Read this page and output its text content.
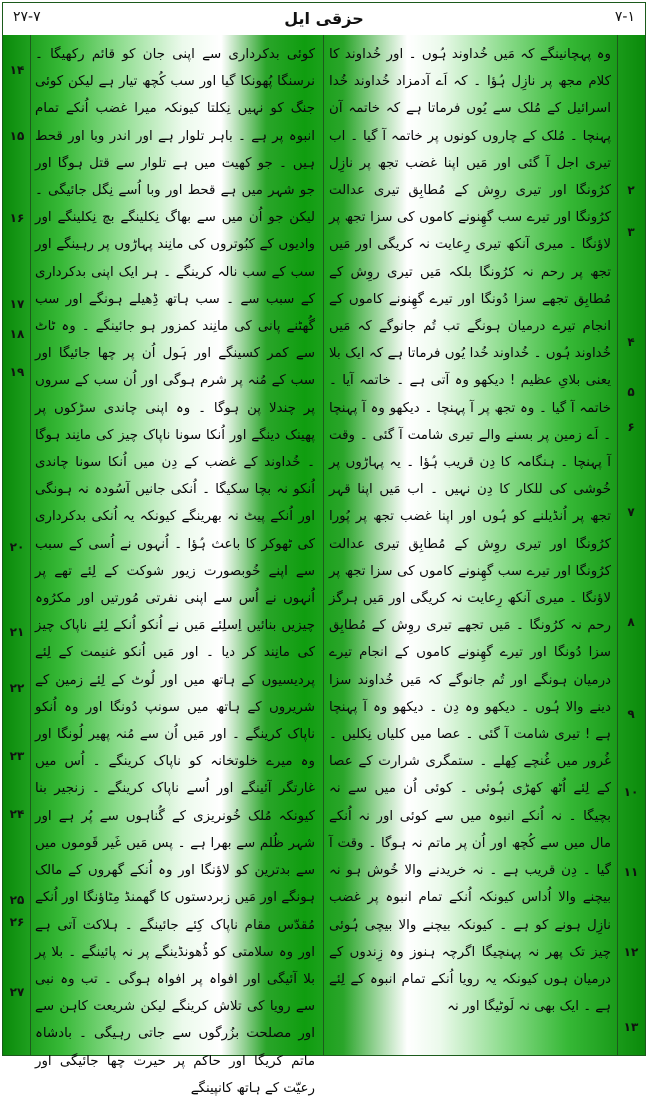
۲۷-۷	حزقی ایل	۷-۱

وہ پہچانینگے کہ مَیں خُداوند ہُوں ۔ اور خُداوند کا کلام مجھ پر نازِل ہُؤا ۔ کہ اَے آدمزاد خُداوند خُدا اسرائیل کے مُلک سے یُوں فرماتا ہے کہ خاتمہ آن پہنچا ۔ مُلک کے چاروں کونوں پر خاتمہ آ گیا ۔ اب تیری اجل آ گئی اور مَیں اپنا غضب تجھ پر نازِل کرُونگا اور تیری روِش کے مُطابِق تیری عدالت کرُونگا اور تیرے سب گھِنونے کاموں کی سزا تجھ پر لاؤنگا ۔ میری آنکھ تیری رِعایت نہ کریگی اور مَیں تجھ پر رحم نہ کرُونگا بلکہ مَیں تیری روِش کے مُطابِق تجھے سزا دُونگا اور تیرے گھِنونے کاموں کے انجام تیرے درمیان ہونگے تب تُم جانوگے کہ مَیں خُداوند ہُوں ۔ خُداوند خُدا یُوں فرماتا ہے کہ ایک بلا یعنی بلایِ عظیم ! دیکھو وہ آتی ہے ۔ خاتمہ آیا ۔ خاتمہ آ گیا ۔ وہ تجھ پر آ پہنچا ۔ دیکھو وہ آ پہنچا ۔ اَے زمین پر بسنے والے تیری شامت آ گئی ۔ وقت آ پہنچا ۔ ہنگامہ کا دِن قریب ہُؤا ۔ یہ پہاڑوں پر خُوشی کی للکار کا دِن نہیں ۔ اب مَیں اپنا قہر تجھ پر اُنڈیلنے کو ہُوں اور اپنا غضب تجھ پر پُورا کرُونگا اور تیری روِش کے مُطابِق تیری عدالت کرُونگا اور تیرے سب گھِنونے کاموں کی سزا تجھ پر لاؤنگا ۔ میری آنکھ رِعایت نہ کریگی اور مَیں ہرگز رحم نہ کرُونگا ۔ مَیں تجھے تیری روِش کے مُطابِق سزا دُونگا اور تیرے گھِنونے کاموں کے انجام تیرے درمیان ہونگے اور تُم جانوگے کہ مَیں خُداوند سزا دینے والا ہُوں ۔ دیکھو وہ دِن ۔ دیکھو وہ آ پہنچا ہے ! تیری شامت آ گئی ۔ عصا میں کلیاں نِکلیں ۔ غُرور میں غُنچے کِھلے ۔ ستمگری شرارت کے عصا کے لِئے اُٹھ کھڑی ہُوئی ۔ کوئی اُن میں سے نہ بچیگا ۔ نہ اُنکے انبوہ میں سے کوئی اور نہ اُنکے مال میں سے کُچھ اور اُن پر ماتم نہ ہوگا ۔ وقت آ گیا ۔ دِن قریب ہے ۔ نہ خریدنے والا خُوش ہو نہ بیچنے والا اُداس کیونکہ اُنکے تمام انبوہ پر غضب نازِل ہونے کو ہے ۔ کیونکہ بیچنے والا بیچی ہُوئی چیز تک پھر نہ پہنچیگا اگرچہ ہنوز وہ زِندوں کے درمیان ہوں کیونکہ یہ رویا اُنکے تمام انبوہ کے لِئے ہے ۔ ایک بھی نہ لَوٹیگا اور نہ

کوئی بدکرداری سے اپنی جان کو قائم رکھیگا ۔ نرسنگا پُھونکا گیا اور سب کُچھ تیار ہے لیکن کوئی جنگ کو نہیں نِکلتا کیونکہ میرا غضب اُنکے تمام انبوہ پر ہے ۔ باہر تلوار ہے اور اندر وبا اور قحط ہیں ۔ جو کھیت میں ہے تلوار سے قتل ہوگا اور جو شہر میں ہے قحط اور وبا اُسے نِگل جائیگی ۔ لیکن جو اُن میں سے بھاگ نِکلینگے بچ نِکلینگے اور وادیوں کے کبُوتروں کی مانِند پہاڑوں پر رہینگے اور سب کے سب نالہ کرینگے ۔ ہر ایک اپنی بدکرداری کے سبب سے ۔ سب ہاتھ ڈِھیلے ہونگے اور سب گُھٹنے پانی کی مانِند کمزور ہو جائینگے ۔ وہ ٹاٹ سے کمر کسینگے اور ہَول اُن پر چھا جائیگا اور سب کے مُنہ پر شرم ہوگی اور اُن سب کے سروں پر چندلا پن ہوگا ۔ وہ اپنی چاندی سڑکوں پر پھینک دینگے اور اُنکا سونا ناپاک چیز کی مانِند ہوگا ۔ خُداوند کے غضب کے دِن میں اُنکا سونا چاندی اُنکو نہ بچا سکیگا ۔ اُنکی جانیں آسُودہ نہ ہونگی اور اُنکے پیٹ نہ بھرینگے کیونکہ یہ اُنکی بدکرداری کی ٹھوکر کا باعث ہُؤا ۔ اُنہوں نے اُسی کے سبب سے اپنے خُوبصورت زیور شوکت کے لِئے تھے پر اُنہوں نے اُس سے اپنی نفرتی مُورتیں اور مکرُوہ چیزیں بنائیں اِسلِئے مَیں نے اُنکو اُنکے لِئے ناپاک چیز کی مانِند کر دیا ۔ اور مَیں اُنکو غنیمت کے لِئے پردیسیوں کے ہاتھ میں اور لُوٹ کے لِئے زمین کے شریروں کے ہاتھ میں سونپ دُونگا اور وہ اُنکو ناپاک کرینگے ۔ اور مَیں اُن سے مُنہ پھیر لُونگا اور وہ میرے خلوتخانہ کو ناپاک کرینگے ۔ اُس میں غارتگر آئینگے اور اُسے ناپاک کرینگے ۔ زنجیر بنا کیونکہ مُلک خُونریزی کے گُناہوں سے پُر ہے اور شہر ظُلم سے بھرا ہے ۔ پس مَیں غَیر قَوموں میں سے بدترین کو لاؤنگا اور وہ اُنکے گھروں کے مالک ہونگے اور مَیں زبردستوں کا گھمنڈ مِٹاؤنگا اور اُنکے مُقدّس مقام ناپاک کِئے جائینگے ۔ ہلاکت آتی ہے اور وہ سلامتی کو ڈُھونڈینگے پر نہ پائینگے ۔ بلا پر بلا آئیگی اور افواہ پر افواہ ہوگی ۔ تب وہ نبی سے رویا کی تلاش کرینگے لیکن شریعت کاہن سے اور مصلحت بزُرگوں سے جاتی رہیگی ۔ بادشاہ ماتم کریگا اور حاکم پر حیرت چھا جائیگی اور رعیّت کے ہاتھ کانپینگے

۲
۳
۴
۵
۶
۷
۸
۹
۱۰
۱۱
۱۲
۱۳
۱۴
۱۵
۱۶
۱۷
۱۸
۱۹
۲۰
۲۱
۲۲
۲۳
۲۴
۲۵
۲۶
۲۷
